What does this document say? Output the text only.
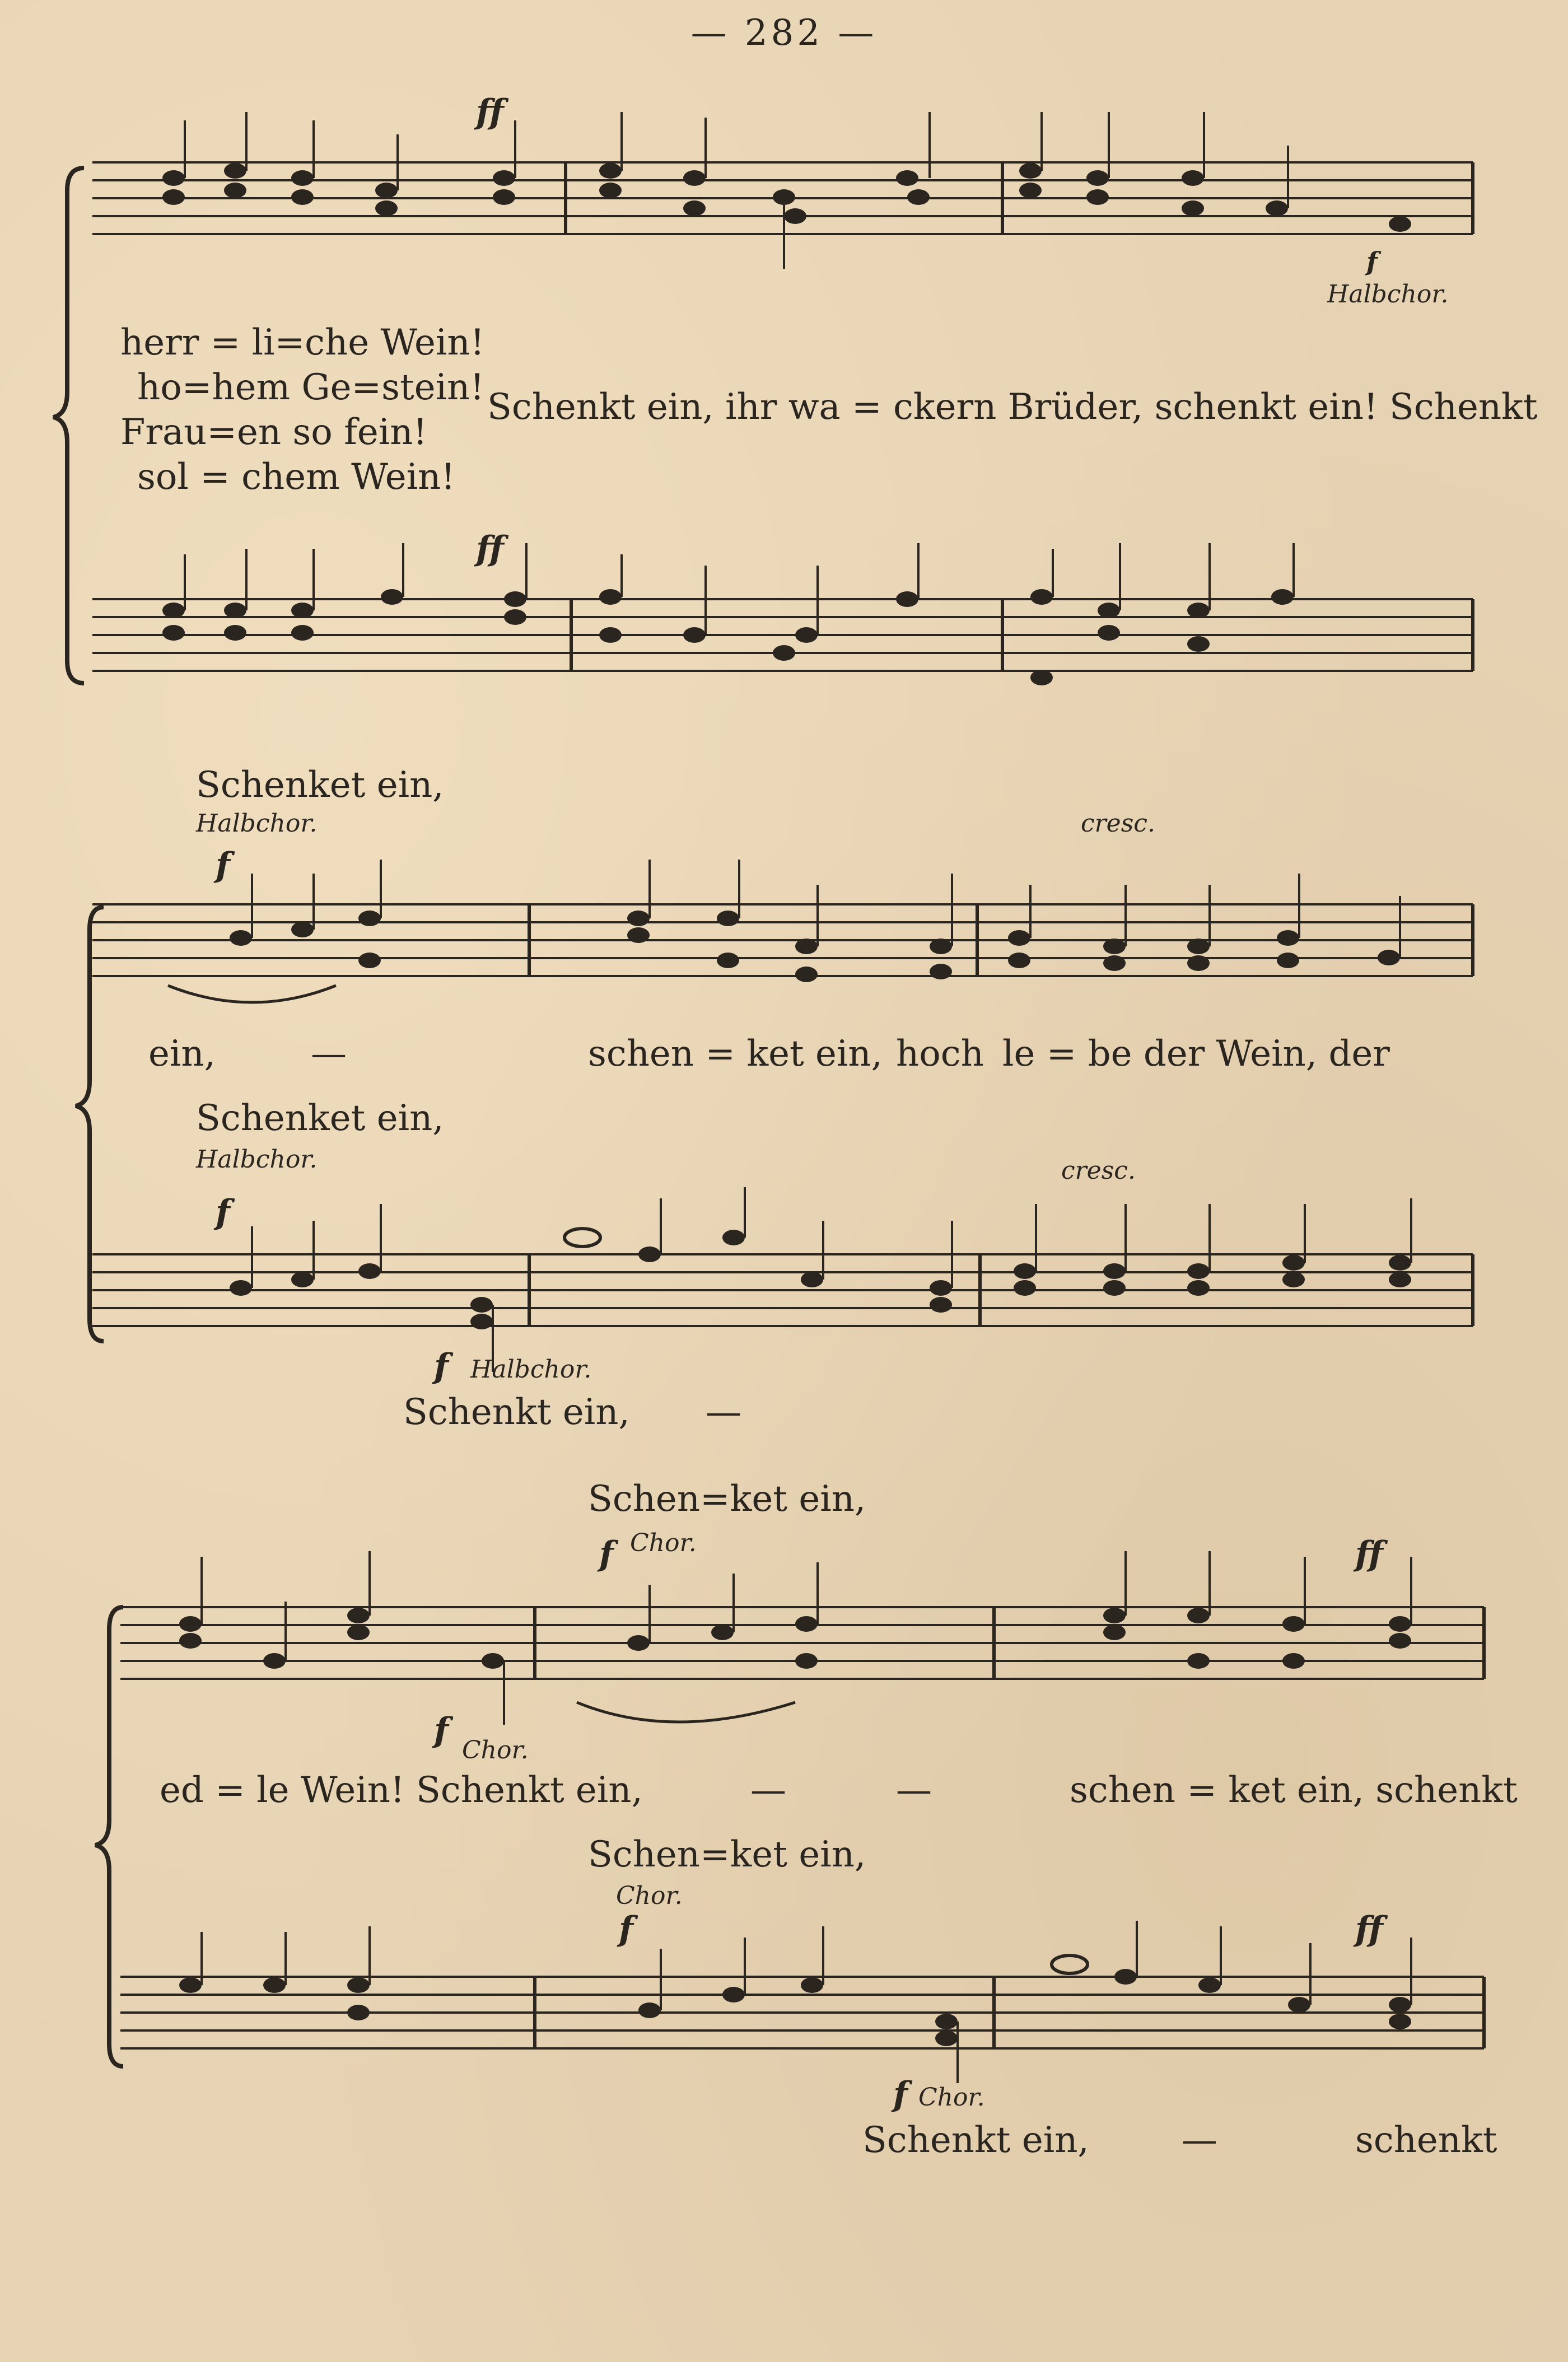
— 282 —
ff
f
Halbchor.
herr = li=che Wein!
ho=hem Ge=stein!
Frau=en so fein!
sol = chem Wein!
Schenkt ein, ihr wa = ckern Brüder, schenkt ein! Schenkt
ff
Schenket ein,
Halbchor.	cresc.
f
ein,	—	schen = ket ein, hoch le = be der Wein, der
Schenket ein,
Halbchor.	cresc.
f
f Halbchor.
Schenkt ein, —
Schen=ket ein,
f Chor.	ff
f
Chor.
ed = le Wein! Schenkt ein,	—	—	schen = ket ein, schenkt
Schen=ket ein,
Chor.
f	ff
f Chor.
Schenkt ein,	—	schenkt
